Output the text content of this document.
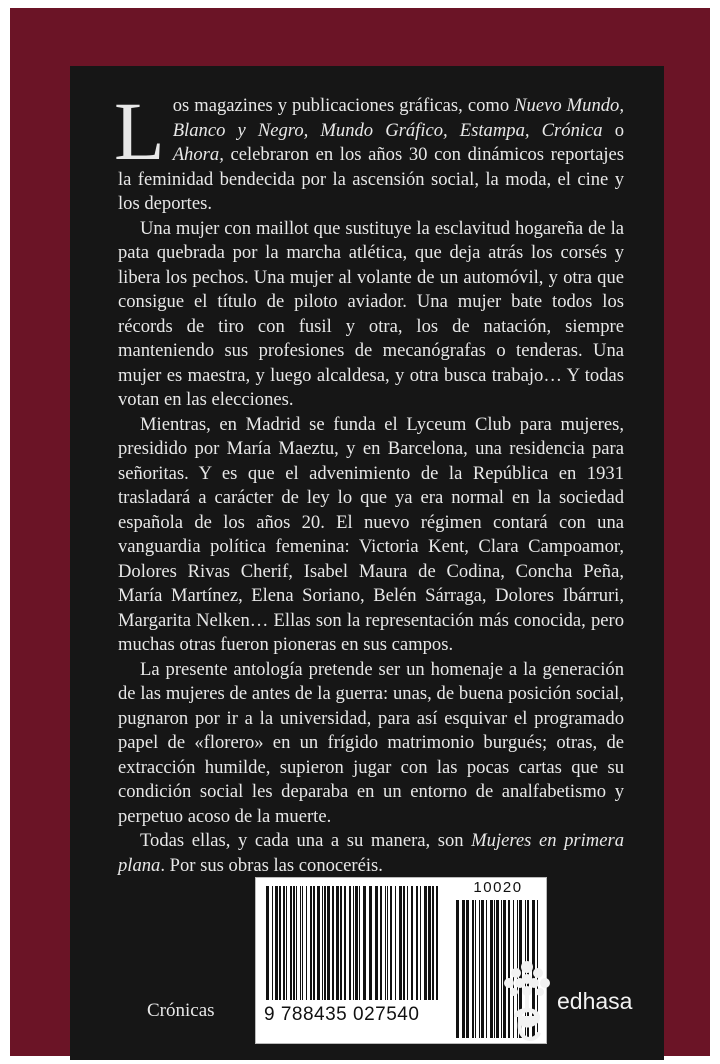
Los magazines y publicaciones gráficas, como Nuevo Mundo, Blanco y Negro, Mundo Gráfico, Estampa, Crónica o Ahora, celebraron en los años 30 con dinámicos reportajes la feminidad bendecida por la ascensión social, la moda, el cine y los deportes.

Una mujer con maillot que sustituye la esclavitud hogareña de la pata quebrada por la marcha atlética, que deja atrás los corsés y libera los pechos. Una mujer al volante de un automóvil, y otra que consigue el título de piloto aviador. Una mujer bate todos los récords de tiro con fusil y otra, los de natación, siempre manteniendo sus profesiones de mecanógrafas o tenderas. Una mujer es maestra, y luego alcaldesa, y otra busca trabajo… Y todas votan en las elecciones.

Mientras, en Madrid se funda el Lyceum Club para mujeres, presidido por María Maeztu, y en Barcelona, una residencia para señoritas. Y es que el advenimiento de la República en 1931 trasladará a carácter de ley lo que ya era normal en la sociedad española de los años 20. El nuevo régimen contará con una vanguardia política femenina: Victoria Kent, Clara Campoamor, Dolores Rivas Cherif, Isabel Maura de Codina, Concha Peña, María Martínez, Elena Soriano, Belén Sárraga, Dolores Ibárruri, Margarita Nelken… Ellas son la representación más conocida, pero muchas otras fueron pioneras en sus campos.

La presente antología pretende ser un homenaje a la generación de las mujeres de antes de la guerra: unas, de buena posición social, pugnaron por ir a la universidad, para así esquivar el programado papel de «florero» en un frígido matrimonio burgués; otras, de extracción humilde, supieron jugar con las pocas cartas que su condición social les deparaba en un entorno de analfabetismo y perpetuo acoso de la muerte.

Todas ellas, y cada una a su manera, son Mujeres en primera plana. Por sus obras las conoceréis.

10020
9 788435 027540
Crónicas	edhasa
